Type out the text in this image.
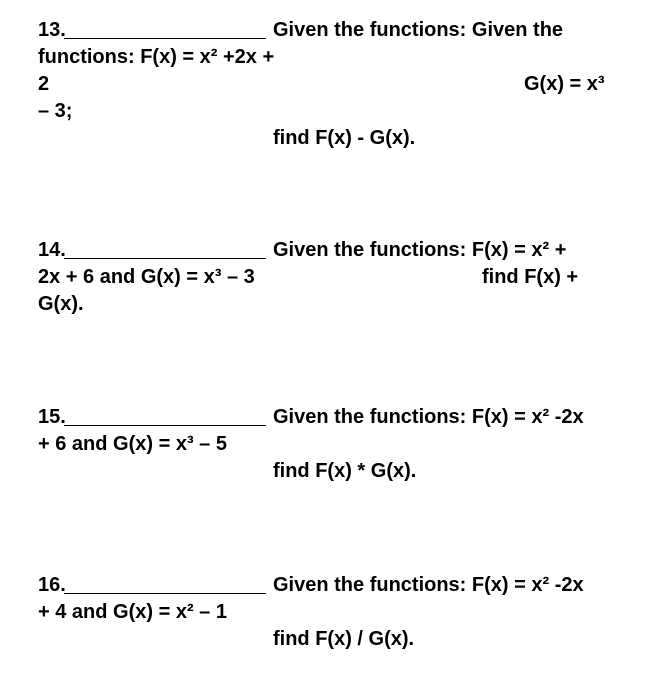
13.	Given the functions: Given the
functions: F(x) = x² +2x +
2	G(x) = x³
– 3;
find F(x) - G(x).
14.	Given the functions: F(x) = x² +
2x + 6 and G(x) = x³ – 3	find F(x) +
G(x).
15.	Given the functions: F(x) = x² -2x
+ 6 and G(x) = x³ – 5
find F(x) * G(x).
16.	Given the functions: F(x) = x² -2x
+ 4 and G(x) = x² – 1
find F(x) / G(x).
